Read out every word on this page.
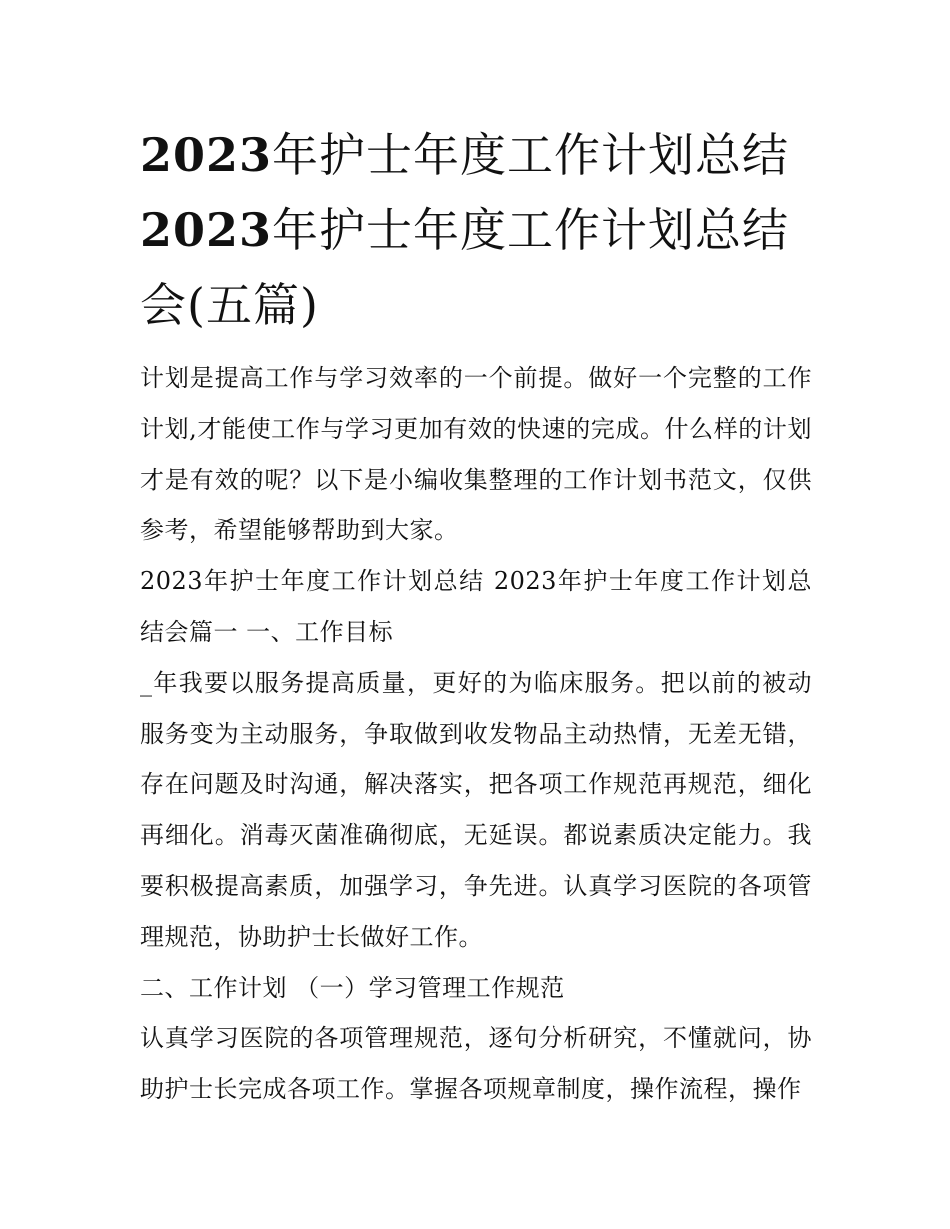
2023年护士年度工作计划总结
2023年护士年度工作计划总结
会(五篇)

计划是提高工作与学习效率的一个前提。做好一个完整的工作计划,才能使工作与学习更加有效的快速的完成。什么样的计划才是有效的呢？以下是小编收集整理的工作计划书范文，仅供参考，希望能够帮助到大家。

2023年护士年度工作计划总结 2023年护士年度工作计划总结会篇一 一、工作目标

_年我要以服务提高质量，更好的为临床服务。把以前的被动服务变为主动服务，争取做到收发物品主动热情，无差无错，存在问题及时沟通，解决落实，把各项工作规范再规范，细化再细化。消毒灭菌准确彻底，无延误。都说素质决定能力。我要积极提高素质，加强学习，争先进。认真学习医院的各项管理规范，协助护士长做好工作。

二、工作计划 （一）学习管理工作规范

认真学习医院的各项管理规范，逐句分析研究，不懂就问，协助护士长完成各项工作。掌握各项规章制度，操作流程，操作
